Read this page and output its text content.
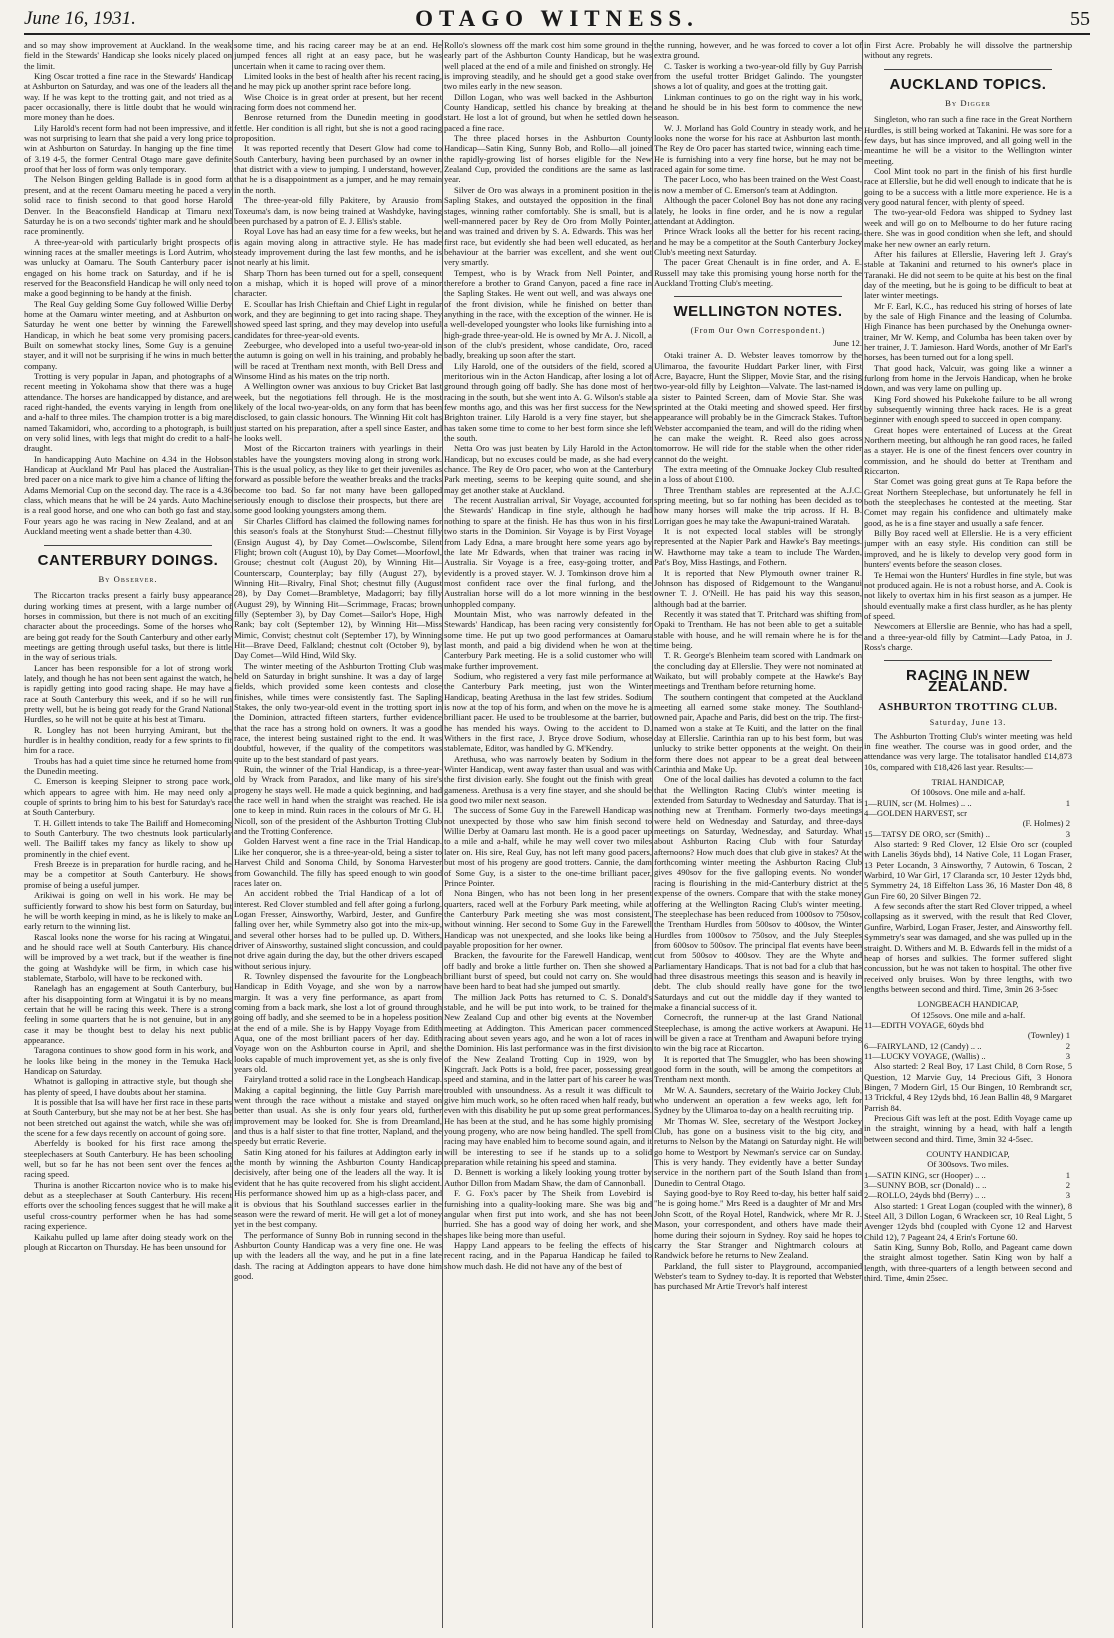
June 16, 1931.	OTAGO WITNESS.	55

and so may show improvement at Auckland. In the weak field in the Stewards' Handicap she looks nicely placed on the limit.

King Oscar trotted a fine race in the Stewards' Handicap at Ashburton on Saturday, and was one of the leaders all the way. If he was kept to the trotting gait, and not tried as a pacer occasionally, there is little doubt that he would win more money than he does.

Lily Harold's recent form had not been impressive, and it was not surprising to learn that she paid a very long price to win at Ashburton on Saturday. In hanging up the fine time of 3.19 4-5, the former Central Otago mare gave definite proof that her loss of form was only temporary.

The Nelson Bingen gelding Ballade is in good form at present, and at the recent Oamaru meeting he paced a very solid race to finish second to that good horse Harold Denver. In the Beaconsfield Handicap at Timaru next Saturday he is on a two seconds' tighter mark and he should race prominently.

A three-year-old with particularly bright prospects of winning races at the smaller meetings is Lord Autrim, who was unlucky at Oamaru. The South Canterbury pacer is engaged on his home track on Saturday, and if he is reserved for the Beaconsfield Handicap he will only need to make a good beginning to be handy at the finish.

The Real Guy gelding Some Guy followed Willie Derby home at the Oamaru winter meeting, and at Ashburton on Saturday he went one better by winning the Farewell Handicap, in which he beat some very promising pacers. Built on somewhat stocky lines, Some Guy is a genuine stayer, and it will not be surprising if he wins in much better company.

Trotting is very popular in Japan, and photographs of a recent meeting in Yokohama show that there was a huge attendance. The horses are handicapped by distance, and are raced right-handed, the events varying in length from one and a-half to three miles. The champion trotter is a big mare named Takamidori, who, according to a photograph, is built on very solid lines, with legs that might do credit to a half-draught.

In handicapping Auto Machine on 4.34 in the Hobson Handicap at Auckland Mr Paul has placed the Australian-bred pacer on a nice mark to give him a chance of lifting the Adams Memorial Cup on the second day. The race is a 4.36 class, which means that he will be 24 yards. Auto Machine is a real good horse, and one who can both go fast and stay. Four years ago he was racing in New Zealand, and at an Auckland meeting went a shade better than 4.30.

CANTERBURY DOINGS.
By Observer.

The Riccarton tracks present a fairly busy appearance during working times at present, with a large number of horses in commission, but there is not much of an exciting character about the proceedings. Some of the horses who are being got ready for the South Canterbury and other early meetings are getting through useful tasks, but there is little in the way of serious trials.

Lancer has been responsible for a lot of strong work lately, and though he has not been sent against the watch, he is rapidly getting into good racing shape. He may have a race at South Canterbury this week, and if so he will run pretty well, but he is being got ready for the Grand National Hurdles, so he will not be quite at his best at Timaru.

R. Longley has not been hurrying Amirant, but the hurdler is in healthy condition, ready for a few sprints to fit him for a race.

Troubs has had a quiet time since he returned home from the Dunedin meeting.

C. Emerson is keeping Sleipner to strong pace work, which appears to agree with him. He may need only a couple of sprints to bring him to his best for Saturday's race at South Canterbury.

T. H. Gillett intends to take The Bailiff and Homecoming to South Canterbury. The two chestnuts look particularly well. The Bailiff takes my fancy as likely to show up prominently in the chief event.

Fresh Breeze is in preparation for hurdle racing, and he may be a competitor at South Canterbury. He shows promise of being a useful jumper.

Arikiwai is going on well in his work. He may be sufficiently forward to show his best form on Saturday, but he will be worth keeping in mind, as he is likely to make an early return to the winning list.

Rascal looks none the worse for his racing at Wingatui, and he should race well at South Canterbury. His chance will be improved by a wet track, but if the weather is fine the going at Washdyke will be firm, in which case his stablemate, Starbolo, will have to be reckoned with.

Ranelagh has an engagement at South Canterbury, but after his disappointing form at Wingatui it is by no means certain that he will be racing this week. There is a strong feeling in some quarters that he is not genuine, but in any case it may be thought best to delay his next public appearance.

Taragona continues to show good form in his work, and he looks like being in the money in the Temuka Hack Handicap on Saturday.

Whatnot is galloping in attractive style, but though she has plenty of speed, I have doubts about her stamina.

It is possible that Isa will have her first race in these parts at South Canterbury, but she may not be at her best. She has not been stretched out against the watch, while she was off the scene for a few days recently on account of going sore.

Aberfeldy is booked for his first race among the steeplechasers at South Canterbury. He has been schooling well, but so far he has not been sent over the fences at racing speed.

Thurina is another Riccarton novice who is to make his debut as a steeplechaser at South Canterbury. His recent efforts over the schooling fences suggest that he will make a useful cross-country performer when he has had some racing experience.

Kaikahu pulled up lame after doing steady work on the plough at Riccarton on Thursday. He has been unsound for

some time, and his racing career may be at an end. He jumped fences all right at an easy pace, but he was uncertain when it came to racing over them.

Limited looks in the best of health after his recent racing, and he may pick up another sprint race before long.

Wise Choice is in great order at present, but her recent racing form does not commend her.

Benrose returned from the Dunedin meeting in good fettle. Her condition is all right, but she is not a good racing proposition.

It was reported recently that Desert Glow had come to South Canterbury, having been purchased by an owner in that district with a view to jumping. I understand, however, that he is a disappointment as a jumper, and he may remain in the north.

The three-year-old filly Pakitere, by Arausio from Toxeuma's dam, is now being trained at Washdyke, having been purchased by a patron of E. J. Ellis's stable.

Royal Love has had an easy time for a few weeks, but he is again moving along in attractive style. He has made steady improvement during the last few months, and he is not nearly at his limit.

Sharp Thorn has been turned out for a spell, consequent on a mishap, which it is hoped will prove of a minor character.

E. Scoullar has Irish Chieftain and Chief Light in regular work, and they are beginning to get into racing shape. They showed speed last spring, and they may develop into useful candidates for three-year-old events.

Zeeburgee, who developed into a useful two-year-old in the autumn is going on well in his training, and probably he will be raced at Trentham next month, with Bell Dress and Winsome Hind as his mates on the trip north.

A Wellington owner was anxious to buy Cricket Bat last week, but the negotiations fell through. He is the most likely of the local two-year-olds, on any form that has been disclosed, to gain classic honours. The Winning Hit colt has just started on his preparation, after a spell since Easter, and he looks well.

Most of the Riccarton trainers with yearlings in their stables have the youngsters moving along in strong work. This is the usual policy, as they like to get their juveniles as forward as possible before the weather breaks and the tracks become too bad. So far not many have been galloped seriously enough to disclose their prospects, but there are some good looking youngsters among them.

Sir Charles Clifford has claimed the following names for this season's foals at the Stonyhurst Stud:—Chestnut filly (Ensign August 4), by Day Comet—Owlscombe, Silent Flight; brown colt (August 10), by Day Comet—Moorfowl, Grouse; chestnut colt (August 20), by Winning Hit—Counterscarp, Counterplay; bay filly (August 27), by Winning Hit—Rivalry, Final Shot; chestnut filly (August 28), by Day Comet—Brambletye, Madagorri; bay filly (August 29), by Winning Hit—Scrimmage, Fracas; brown filly (September 3), by Day Comet—Sailor's Hope, High Rank; bay colt (September 12), by Winning Hit—Miss Mimic, Convist; chestnut colt (September 17), by Winning Hit—Brave Deed, Falkland; chestnut colt (October 9), by Day Comet—Wild Hind, Wild Sky.

The winter meeting of the Ashburton Trotting Club was held on Saturday in bright sunshine. It was a day of large fields, which provided some keen contests and close finishes, while times were consistently fast. The Sapling Stakes, the only two-year-old event in the trotting sport in the Dominion, attracted fifteen starters, further evidence that the race has a strong hold on owners. It was a good race, the interest being sustained right to the end. It was doubtful, however, if the quality of the competitors was quite up to the best standard of past years.

Ruin, the winner of the Trial Handicap, is a three-year-old by Wrack from Paradox, and like many of his sire's progeny he stays well. He made a quick beginning, and had the race well in hand when the straight was reached. He is one to keep in mind. Ruin races in the colours of Mr G. H. Nicoll, son of the president of the Ashburton Trotting Club and the Trotting Conference.

Golden Harvest went a fine race in the Trial Handicap. Like her conqueror, she is a three-year-old, being a sister to Harvest Child and Sonoma Child, by Sonoma Harvester from Gowanchild. The filly has speed enough to win good races later on.

An accident robbed the Trial Handicap of a lot of interest. Red Clover stumbled and fell after going a furlong. Logan Fresser, Ainsworthy, Warbird, Jester, and Gunfire falling over her, while Symmetry also got into the mix-up, and several other horses had to be pulled up. D. Withers, driver of Ainsworthy, sustained slight concussion, and could not drive again during the day, but the other drivers escaped without serious injury.

R. Townley dispensed the favourite for the Longbeach Handicap in Edith Voyage, and she won by a narrow margin. It was a very fine performance, as apart from coming from a back mark, she lost a lot of ground through going off badly, and she seemed to be in a hopeless position at the end of a mile. She is by Happy Voyage from Edith Aqua, one of the most brilliant pacers of her day. Edith Voyage won on the Ashburton course in April, and she looks capable of much improvement yet, as she is only five years old.

Fairyland trotted a solid race in the Longbeach Handicap. Making a capital beginning, the little Guy Parrish mare went through the race without a mistake and stayed on better than usual. As she is only four years old, further improvement may be looked for. She is from Dreamland, and thus is a half sister to that fine trotter, Napland, and the speedy but erratic Reverie.

Satin King atoned for his failures at Addington early in the month by winning the Ashburton County Handicap decisively, after being one of the leaders all the way. It is evident that he has quite recovered from his slight accident. His performance showed him up as a high-class pacer, and it is obvious that his Southland successes earlier in the season were the reward of merit. He will get a lot of money yet in the best company.

The performance of Sunny Bob in running second in the Ashburton County Handicap was a very fine one. He was up with the leaders all the way, and he put in a fine late dash. The racing at Addington appears to have done him good.

Rollo's slowness off the mark cost him some ground in the early part of the Ashburton County Handicap, but he was well placed at the end of a mile and finished on strongly. He is improving steadily, and he should get a good stake over two miles early in the new season.

Dillon Logan, who was well backed in the Ashburton County Handicap, settled his chance by breaking at the start. He lost a lot of ground, but when he settled down he paced a fine race.

The three placed horses in the Ashburton County Handicap—Satin King, Sunny Bob, and Rollo—all joined the rapidly-growing list of horses eligible for the New Zealand Cup, provided the conditions are the same as last year.

Silver de Oro was always in a prominent position in the Sapling Stakes, and outstayed the opposition in the final stages, winning rather comfortably. She is small, but is a well-mannered pacer by Rey de Oro from Molly Pointer, and was trained and driven by S. A. Edwards. This was her first race, but evidently she had been well educated, as her behaviour at the barrier was excellent, and she went out very smartly.

Tempest, who is by Wrack from Nell Pointer, and therefore a brother to Grand Canyon, paced a fine race in the Sapling Stakes. He went out well, and was always one of the front division, while he finished on better than anything in the race, with the exception of the winner. He is a well-developed youngster who looks like furnishing into a high-grade three-year-old. He is owned by Mr A. J. Nicoll, a son of the club's president, whose candidate, Oro, raced badly, breaking up soon after the start.

Lily Harold, one of the outsiders of the field, scored a meritorious win in the Acton Handicap, after losing a lot of ground through going off badly. She has done most of her racing in the south, but she went into A. G. Wilson's stable a few months ago, and this was her first success for the New Brighton trainer. Lily Harold is a very fine stayer, but she has taken some time to come to her best form since she left the south.

Netta Oro was just beaten by Lily Harold in the Acton Handicap, but no excuses could be made, as she had every chance. The Rey de Oro pacer, who won at the Canterbury Park meeting, seems to be keeping quite sound, and she may get another stake at Auckland.

The recent Australian arrival, Sir Voyage, accounted for the Stewards' Handicap in fine style, although he had nothing to spare at the finish. He has thus won in his first two starts in the Dominion. Sir Voyage is by First Voyage from Lady Edna, a mare brought here some years ago by the late Mr Edwards, when that trainer was racing in Australia. Sir Voyage is a free, easy-going trotter, and evidently is a proved stayer. W. J. Tomkinson drove him a most confident race over the final furlong, and the Australian horse will do a lot more winning in the best unhoppled company.

Mountain Mist, who was narrowly defeated in the Stewards' Handicap, has been racing very consistently for some time. He put up two good performances at Oamaru last month, and paid a big dividend when he won at the Canterbury Park meeting. He is a solid customer who will make further improvement.

Sodium, who registered a very fast mile performance at the Canterbury Park meeting, just won the Winter Handicap, beating Arethusa in the last few strides. Sodium is now at the top of his form, and when on the move he is a brilliant pacer. He used to be troublesome at the barrier, but he has mended his ways. Owing to the accident to D. Withers in the first race, J. Bryce drove Sodium, whose stablemate, Editor, was handled by G. M'Kendry.

Arethusa, who was narrowly beaten by Sodium in the Winter Handicap, went away faster than usual and was with the first division early. She fought out the finish with great gameness. Arethusa is a very fine stayer, and she should be a good two miler next season.

The success of Some Guy in the Farewell Handicap was not unexpected by those who saw him finish second to Willie Derby at Oamaru last month. He is a good pacer up to a mile and a-half, while he may well cover two miles later on. His sire, Real Guy, has not left many good pacers, but most of his progeny are good trotters. Cannie, the dam of Some Guy, is a sister to the one-time brilliant pacer, Prince Pointer.

Nona Bingen, who has not been long in her present quarters, raced well at the Forbury Park meeting, while at the Canterbury Park meeting she was most consistent, without winning. Her second to Some Guy in the Farewell Handicap was not unexpected, and she looks like being a payable proposition for her owner.

Bracken, the favourite for the Farewell Handicap, went off badly and broke a little further on. Then she showed a brilliant burst of speed, but could not carry on. She would have been hard to beat had she jumped out smartly.

The million Jack Potts has returned to C. S. Donald's stable, and he will be put into work, to be trained for the New Zealand Cup and other big events at the November meeting at Addington. This American pacer commenced racing about seven years ago, and he won a lot of races in the Dominion. His last performance was in the first division of the New Zealand Trotting Cup in 1929, won by Kingcraft. Jack Potts is a bold, free pacer, possessing great speed and stamina, and in the latter part of his career he was troubled with unsoundness. As a result it was difficult to give him much work, so he often raced when half ready, but even with this disability he put up some great performances. He has been at the stud, and he has some highly promising young progeny, who are now being handled. The spell from racing may have enabled him to become sound again, and it will be interesting to see if he stands up to a solid preparation while retaining his speed and stamina.

D. Bennett is working a likely looking young trotter by Author Dillon from Madam Shaw, the dam of Cannonball.

F. G. Fox's pacer by The Sheik from Lovebird is furnishing into a quality-looking mare. She was big and angular when first put into work, and she has not been hurried. She has a good way of doing her work, and she shapes like being more than useful.

Happy Land appears to be feeling the effects of his recent racing, and in the Paparua Handicap he failed to show much dash. He did not have any of the best of

the running, however, and he was forced to cover a lot of extra ground.

C. Tasker is working a two-year-old filly by Guy Parrish from the useful trotter Bridget Galindo. The youngster shows a lot of quality, and goes at the trotting gait.

Linkman continues to go on the right way in his work, and he should be in his best form to commence the new season.

W. J. Morland has Gold Country in steady work, and he looks none the worse for his race at Ashburton last month. The Rey de Oro pacer has started twice, winning each time. He is furnishing into a very fine horse, but he may not be raced again for some time.

The pacer Loco, who has been trained on the West Coast, is now a member of C. Emerson's team at Addington.

Although the pacer Colonel Boy has not done any racing lately, he looks in fine order, and he is now a regular attendant at Addington.

Prince Wrack looks all the better for his recent racing, and he may be a competitor at the South Canterbury Jockey Club's meeting next Saturday.

The pacer Great Chenault is in fine order, and A. E. Russell may take this promising young horse north for the Auckland Trotting Club's meeting.

WELLINGTON NOTES.
(From Our Own Correspondent.)
June 12.

Otaki trainer A. D. Webster leaves tomorrow by the Ulimaroa, the favourite Huddart Parker liner, with First Acre, Bayacre, Hunt the Slipper, Movie Star, and the rising two-year-old filly by Leighton—Valvate. The last-named is a sister to Painted Screen, dam of Movie Star. She was sprinted at the Otaki meeting and showed speed. Her first appearance will probably be in the Gimcrack Stakes. Tufton Webster accompanied the team, and will do the riding when he can make the weight. R. Reed also goes across tomorrow. He will ride for the stable when the other rider cannot do the weight.

The extra meeting of the Omnuake Jockey Club resulted in a loss of about £100.

Three Trentham stables are represented at the A.J.C. spring meeting, but so far nothing has been decided as to how many horses will make the trip across. If H. B. Lorrigan goes he may take the Awapuni-trained Waratah.

It is not expected local stables will be strongly represented at the Napier Park and Hawke's Bay meetings. W. Hawthorne may take a team to include The Warden, Pat's Boy, Miss Hastings, and Fothern.

It is reported that New Plymouth owner trainer R. Johnson has disposed of Ridgemount to the Wanganui owner T. J. O'Neill. He has paid his way this season, although bad at the barrier.

Recently it was stated that T. Pritchard was shifting from Opaki to Trentham. He has not been able to get a suitable stable with house, and he will remain where he is for the time being.

T. R. George's Blenheim team scored with Landmark on the concluding day at Ellerslie. They were not nominated at Waikato, but will probably compete at the Hawke's Bay meetings and Trentham before returning home.

The southern contingent that competed at the Auckland meeting all earned some stake money. The Southland-owned pair, Apache and Paris, did best on the trip. The first-named won a stake at Te Kuiti, and the latter on the final day at Ellerslie. Carinthia ran up to his best form, but was unlucky to strike better opponents at the weight. On their form there does not appear to be a great deal between Carinthia and Make Up.

One of the local dailies has devoted a column to the fact that the Wellington Racing Club's winter meeting is extended from Saturday to Wednesday and Saturday. That is nothing new at Trentham. Formerly two-days meetings were held on Wednesday and Saturday, and three-days meetings on Saturday, Wednesday, and Saturday. What about Ashburton Racing Club with four Saturday afternoons? How much does that club give in stakes? At the forthcoming winter meeting the Ashburton Racing Club gives 490sov for the five galloping events. No wonder racing is flourishing in the mid-Canterbury district at the expense of the owners. Compare that with the stake money offering at the Wellington Racing Club's winter meeting. The steeplechase has been reduced from 1000sov to 750sov, the Trentham Hurdles from 500sov to 400sov, the Winter Hurdles from 1000sov to 750sov, and the July Steeples from 600sov to 500sov. The principal flat events have been cut from 500sov to 400sov. They are the Whyte and Parliamentary Handicaps. That is not bad for a club that has had three disastrous meetings this season and is heavily in debt. The club should really have gone for the two Saturdays and cut out the middle day if they wanted to make a financial success of it.

Cornecroft, the runner-up at the last Grand National Steeplechase, is among the active workers at Awapuni. He will be given a race at Trentham and Awapuni before trying to win the big race at Riccarton.

It is reported that The Smuggler, who has been showing good form in the south, will be among the competitors at Trentham next month.

Mr W. A. Saunders, secretary of the Wairio Jockey Club, who underwent an operation a few weeks ago, left for Sydney by the Ulimaroa to-day on a health recruiting trip.

Mr Thomas W. Slee, secretary of the Westport Jockey Club, has gone on a business visit to the big city, and returns to Nelson by the Matangi on Saturday night. He will go home to Westport by Newman's service car on Sunday. This is very handy. They evidently have a better Sunday service in the northern part of the South Island than from Dunedin to Central Otago.

Saying good-bye to Roy Reed to-day, his better half said "he is going home." Mrs Reed is a daughter of Mr and Mrs John Scott, of the Royal Hotel, Randwick, where Mr R. J. Mason, your correspondent, and others have made their home during their sojourn in Sydney. Roy said he hopes to carry the Star Stranger and Nightmarch colours at Randwick before he returns to New Zealand.

Parkland, the full sister to Playground, accompanied Webster's team to Sydney to-day. It is reported that Webster has purchased Mr Artie Trevor's half interest

in First Acre. Probably he will dissolve the partnership without any regrets.

AUCKLAND TOPICS.
By Digger

Singleton, who ran such a fine race in the Great Northern Hurdles, is still being worked at Takanini. He was sore for a few days, but has since improved, and all going well in the meantime he will be a visitor to the Wellington winter meeting.

Cool Mint took no part in the finish of his first hurdle race at Ellerslie, but he did well enough to indicate that he is going to be a success with a little more experience. He is a very good natural fencer, with plenty of speed.

The two-year-old Fedora was shipped to Sydney last week and will go on to Melbourne to do her future racing there. She was in good condition when she left, and should make her new owner an early return.

After his failures at Ellerslie, Havering left J. Gray's stable at Takanini and returned to his owner's place in Taranaki. He did not seem to be quite at his best on the final day of the meeting, but he is going to be difficult to beat at later winter meetings.

Mr F. Earl, K.C., has reduced his string of horses of late by the sale of High Finance and the leasing of Columba. High Finance has been purchased by the Onehunga owner-trainer, Mr W. Kemp, and Columba has been taken over by her trainer, J. T. Jamieson. Hard Words, another of Mr Earl's horses, has been turned out for a long spell.

That good hack, Valcuir, was going like a winner a furlong from home in the Jervois Handicap, when he broke down, and was very lame on pulling up.

King Ford showed his Pukekohe failure to be all wrong by subsequently winning three hack races. He is a great beginner with enough speed to succeed in open company.

Great hopes were entertained of Lucess at the Great Northern meeting, but although he ran good races, he failed as a stayer. He is one of the finest fencers over country in commission, and he should do better at Trentham and Riccarton.

Star Comet was going great guns at Te Rapa before the Great Northern Steeplechase, but unfortunately he fell in both the steeplechases he contested at the meeting. Star Comet may regain his confidence and ultimately make good, as he is a fine stayer and usually a safe fencer.

Billy Boy raced well at Ellerslie. He is a very efficient jumper with an easy style. His condition can still be improved, and he is likely to develop very good form in hunters' events before the season closes.

Te Hemai won the Hunters' Hurdles in fine style, but was not produced again. He is not a robust horse, and A. Cook is not likely to overtax him in his first season as a jumper. He should eventually make a first class hurdler, as he has plenty of speed.

Newcomers at Ellerslie are Bennie, who has had a spell, and a three-year-old filly by Catmint—Lady Patoa, in J. Ross's charge.

RACING IN NEW ZEALAND.
ASHBURTON TROTTING CLUB.
Saturday, June 13.

The Ashburton Trotting Club's winter meeting was held in fine weather. The course was in good order, and the attendance was very large. The totalisator handled £14,873 10s, compared with £18,426 last year. Results:—

TRIAL HANDICAP,
Of 100sovs. One mile and a-half.
1—RUIN, scr (M. Holmes) .. ..	1
4—GOLDEN HARVEST, scr
(F. Holmes)
2
15—TATSY DE ORO, scr (Smith) ..	3

Also started: 9 Red Clover, 12 Elsie Oro scr (coupled with Lanelis 36yds bhd), 14 Native Cole, 11 Logan Fraser, 13 Peter Locandn, 3 Ainsworthy, 7 Autowin, 6 Toscan, 2 Warbird, 10 War Girl, 17 Claranda scr, 10 Jester 12yds bhd, 5 Symmetry 24, 18 Eiffelton Lass 36, 16 Master Don 48, 8 Gun Fire 60, 20 Silver Bingen 72.

A few seconds after the start Red Clover tripped, a wheel collapsing as it swerved, with the result that Red Clover, Gunfire, Warbird, Logan Fraser, Jester, and Ainsworthy fell. Symmetry's sear was damaged, and she was pulled up in the straight. D. Withers and M. B. Edwards fell in the midst of a heap of horses and sulkies. The former suffered slight concussion, but he was not taken to hospital. The other five received only bruises. Won by three lengths, with two lengths between second and third. Time, 3min 26 3-5sec

LONGBEACH HANDICAP,
Of 125sovs. One mile and a-half.
11—EDITH VOYAGE, 60yds bhd
(Townley)
1
6—FAIRYLAND, 12 (Candy) .. ..	2
11—LUCKY VOYAGE, (Wallis) ..	3

Also started: 2 Real Boy, 17 Last Child, 8 Corn Rose, 5 Question, 12 Marvie Guy, 14 Precious Gift, 3 Honora Bingen, 7 Modern Girl, 15 Our Bingen, 10 Rembrandt scr, 13 Trickful, 4 Rey 12yds bhd, 16 Jean Ballin 48, 9 Margaret Parrish 84.

Precious Gift was left at the post. Edith Voyage came up in the straight, winning by a head, with half a length between second and third. Time, 3min 32 4-5sec.

COUNTY HANDICAP,
Of 300sovs. Two miles.
1—SATIN KING, scr (Hooper) .. ..	1
3—SUNNY BOB, scr (Donald) .. ..	2
2—ROLLO, 24yds bhd (Berry) .. ..	3

Also started: 1 Great Logan (coupled with the winner), 8 Steel All, 3 Dillon Logan, 6 Wrackeen scr, 10 Real Light, 5 Avenger 12yds bhd (coupled with Cyone 12 and Harvest Child 12), 7 Pageant 24, 4 Erin's Fortune 60.

Satin King, Sunny Bob, Rollo, and Pageant came down the straight almost together. Satin King won by half a length, with three-quarters of a length between second and third. Time, 4min 25sec.
